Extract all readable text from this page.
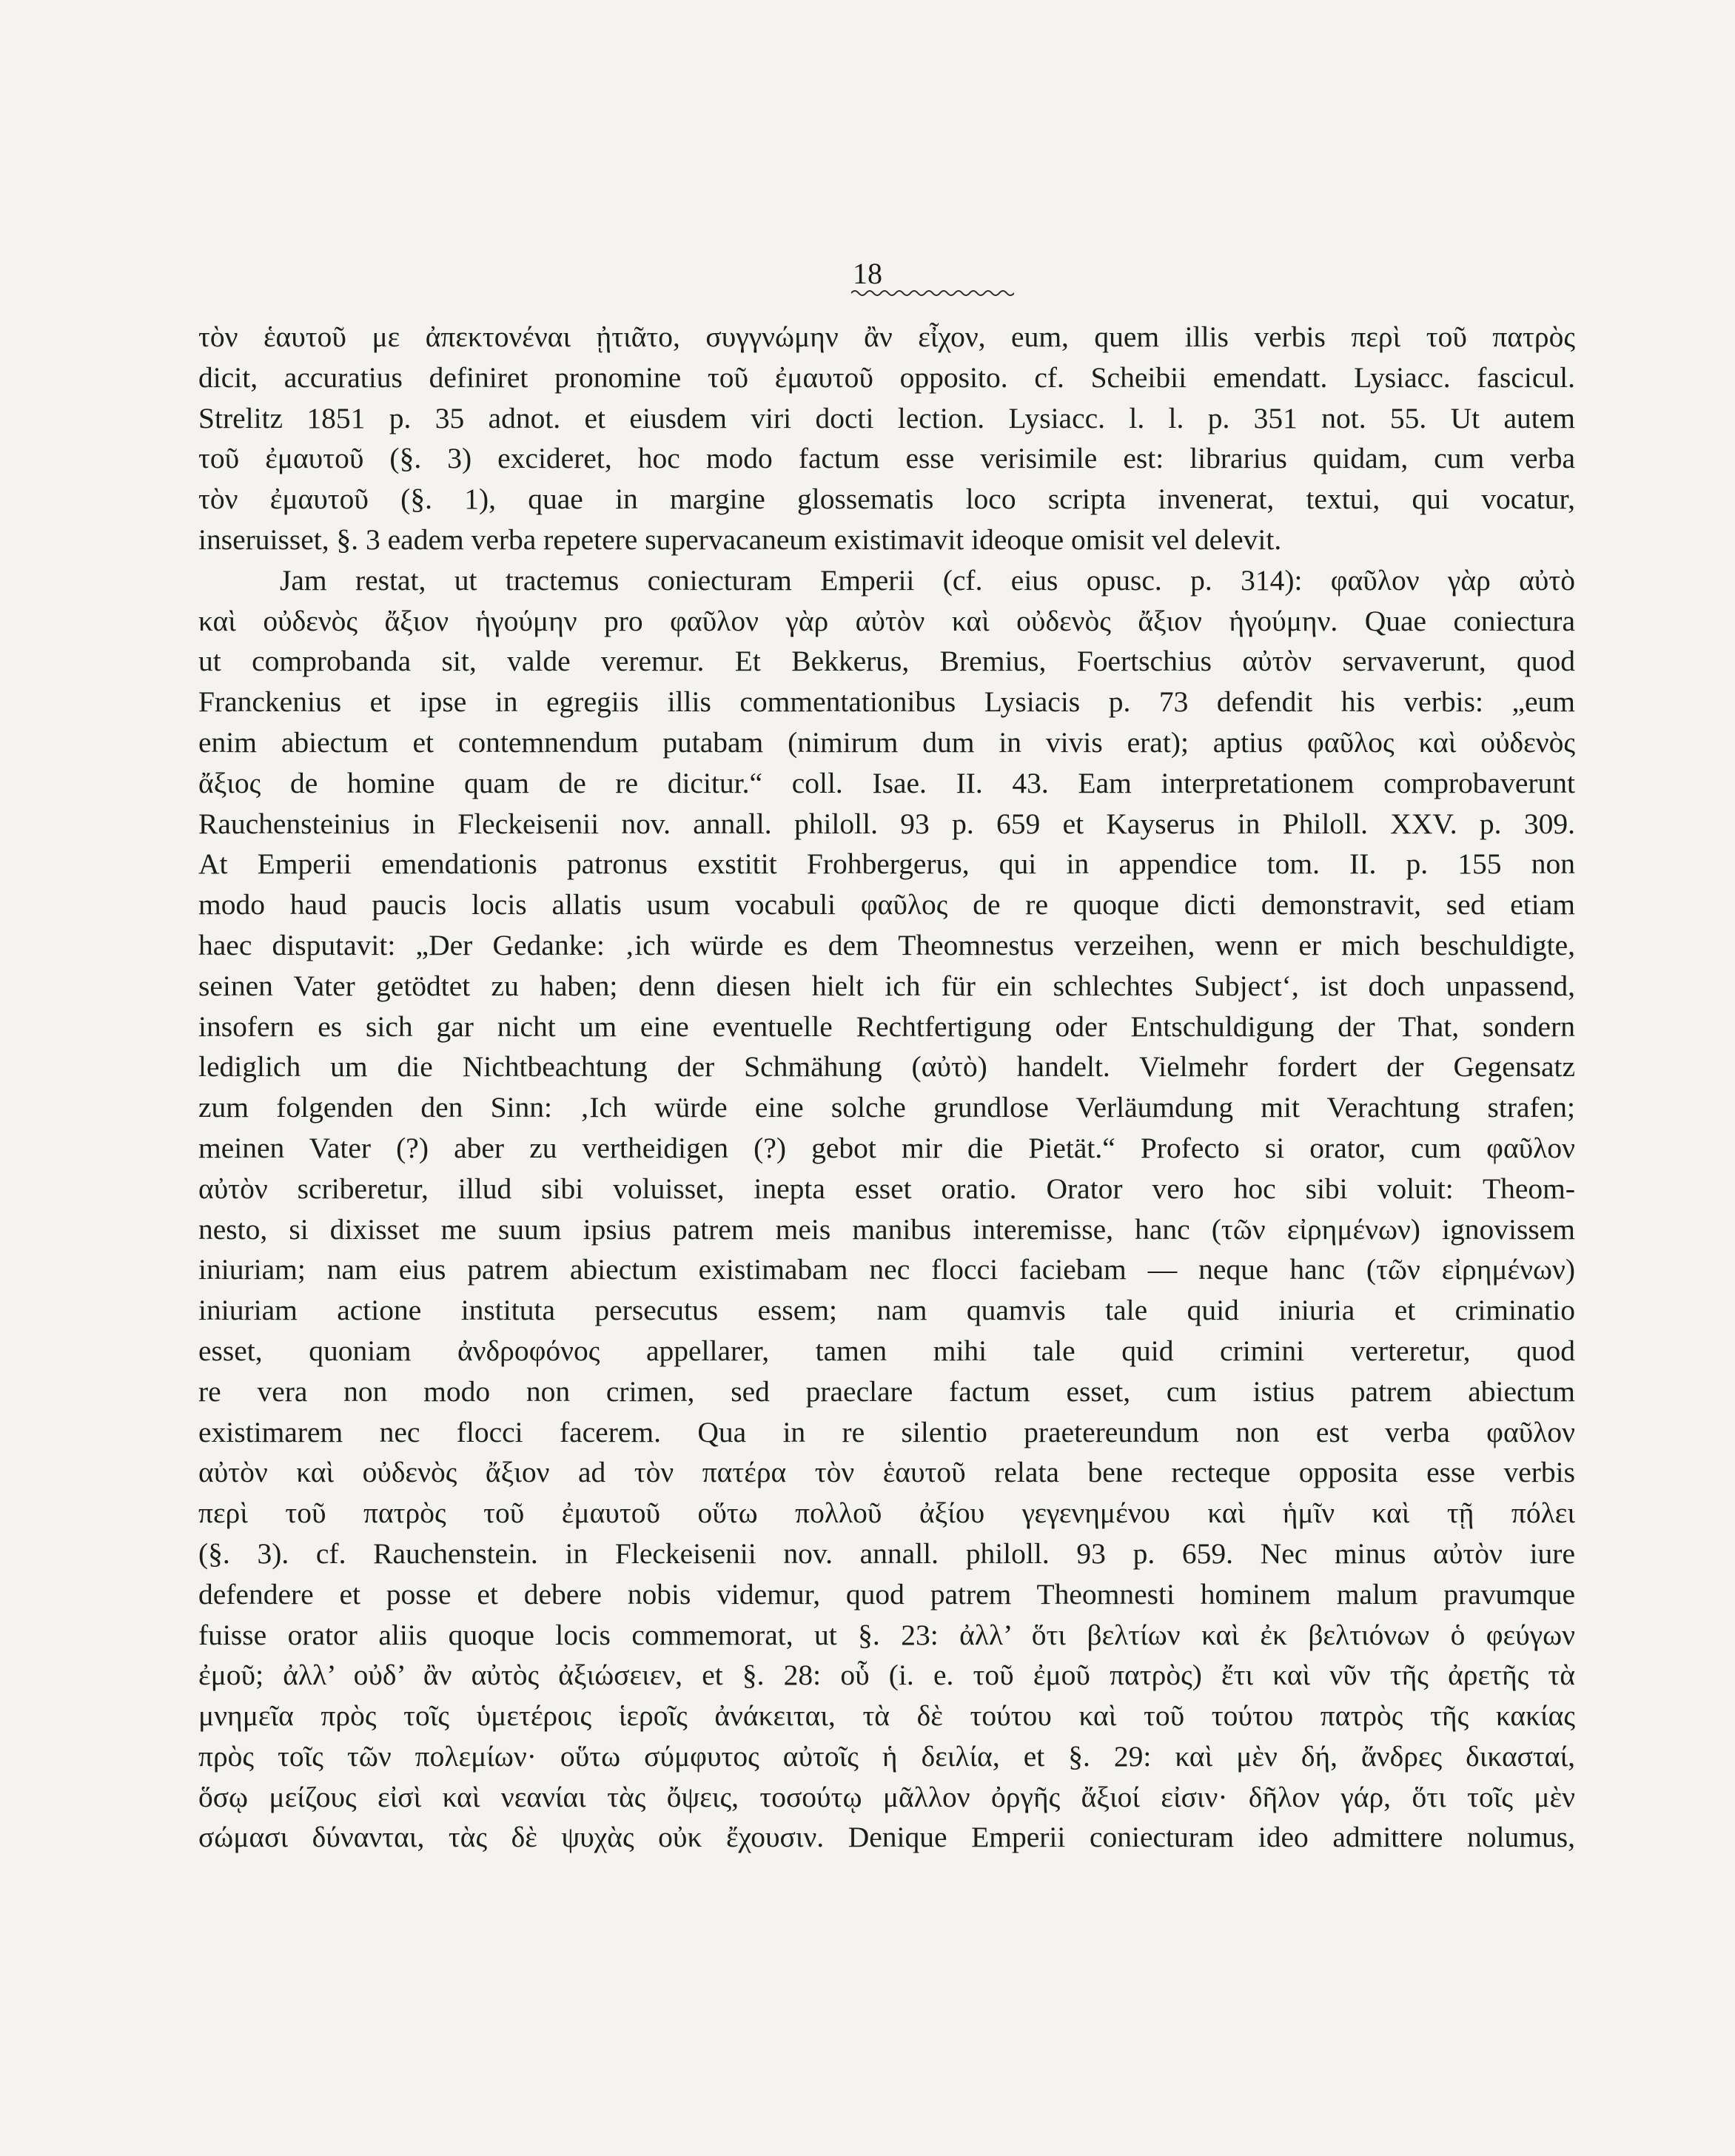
18
τὸν ἑαυτοῦ με ἀπεκτονέναι ᾐτιᾶτο, συγγνώμην ἂν εἶχον, eum, quem illis verbis περὶ τοῦ πατρὸς
dicit, accuratius definiret pronomine τοῦ ἐμαυτοῦ opposito. cf. Scheibii emendatt. Lysiacc. fascicul.
Strelitz 1851 p. 35 adnot. et eiusdem viri docti lection. Lysiacc. l. l. p. 351 not. 55. Ut autem
τοῦ ἐμαυτοῦ (§. 3) excideret, hoc modo factum esse verisimile est: librarius quidam, cum verba
τὸν ἐμαυτοῦ (§. 1), quae in margine glossematis loco scripta invenerat, textui, qui vocatur,
inseruisset, §. 3 eadem verba repetere supervacaneum existimavit ideoque omisit vel delevit.
Jam restat, ut tractemus coniecturam Emperii (cf. eius opusc. p. 314): φαῦλον γὰρ αὐτὸ
καὶ οὐδενὸς ἄξιον ἡγούμην pro φαῦλον γὰρ αὐτὸν καὶ οὐδενὸς ἄξιον ἡγούμην. Quae coniectura
ut comprobanda sit, valde veremur. Et Bekkerus, Bremius, Foertschius αὐτὸν servaverunt, quod
Franckenius et ipse in egregiis illis commentationibus Lysiacis p. 73 defendit his verbis: „eum
enim abiectum et contemnendum putabam (nimirum dum in vivis erat); aptius φαῦλος καὶ οὐδενὸς
ἄξιος de homine quam de re dicitur.“ coll. Isae. II. 43. Eam interpretationem comprobaverunt
Rauchensteinius in Fleckeisenii nov. annall. philoll. 93 p. 659 et Kayserus in Philoll. XXV. p. 309.
At Emperii emendationis patronus exstitit Frohbergerus, qui in appendice tom. II. p. 155 non
modo haud paucis locis allatis usum vocabuli φαῦλος de re quoque dicti demonstravit, sed etiam
haec disputavit: „Der Gedanke: ‚ich würde es dem Theomnestus verzeihen, wenn er mich beschuldigte,
seinen Vater getödtet zu haben; denn diesen hielt ich für ein schlechtes Subject‘, ist doch unpassend,
insofern es sich gar nicht um eine eventuelle Rechtfertigung oder Entschuldigung der That, sondern
lediglich um die Nichtbeachtung der Schmähung (αὐτὸ) handelt. Vielmehr fordert der Gegensatz
zum folgenden den Sinn: ‚Ich würde eine solche grundlose Verläumdung mit Verachtung strafen;
meinen Vater (?) aber zu vertheidigen (?) gebot mir die Pietät.“ Profecto si orator, cum φαῦλον
αὐτὸν scriberetur, illud sibi voluisset, inepta esset oratio. Orator vero hoc sibi voluit: Theom-
nesto, si dixisset me suum ipsius patrem meis manibus interemisse, hanc (τῶν εἰρημένων) ignovissem
iniuriam; nam eius patrem abiectum existimabam nec flocci faciebam — neque hanc (τῶν εἰρημένων)
iniuriam actione instituta persecutus essem; nam quamvis tale quid iniuria et criminatio
esset, quoniam ἀνδροφόνος appellarer, tamen mihi tale quid crimini verteretur, quod
re vera non modo non crimen, sed praeclare factum esset, cum istius patrem abiectum
existimarem nec flocci facerem. Qua in re silentio praetereundum non est verba φαῦλον
αὐτὸν καὶ οὐδενὸς ἄξιον ad τὸν πατέρα τὸν ἑαυτοῦ relata bene recteque opposita esse verbis
περὶ τοῦ πατρὸς τοῦ ἐμαυτοῦ οὕτω πολλοῦ ἀξίου γεγενημένου καὶ ἡμῖν καὶ τῇ πόλει
(§. 3). cf. Rauchenstein. in Fleckeisenii nov. annall. philoll. 93 p. 659. Nec minus αὐτὸν iure
defendere et posse et debere nobis videmur, quod patrem Theomnesti hominem malum pravumque
fuisse orator aliis quoque locis commemorat, ut §. 23: ἀλλ’ ὅτι βελτίων καὶ ἐκ βελτιόνων ὁ φεύγων
ἐμοῦ; ἀλλ’ οὐδ’ ἂν αὐτὸς ἀξιώσειεν, et §. 28: οὗ (i. e. τοῦ ἐμοῦ πατρὸς) ἔτι καὶ νῦν τῆς ἀρετῆς τὰ
μνημεῖα πρὸς τοῖς ὑμετέροις ἱεροῖς ἀνάκειται, τὰ δὲ τούτου καὶ τοῦ τούτου πατρὸς τῆς κακίας
πρὸς τοῖς τῶν πολεμίων· οὕτω σύμφυτος αὐτοῖς ἡ δειλία, et §. 29: καὶ μὲν δή, ἄνδρες δικασταί,
ὅσῳ μείζους εἰσὶ καὶ νεανίαι τὰς ὄψεις, τοσούτῳ μᾶλλον ὀργῆς ἄξιοί εἰσιν· δῆλον γάρ, ὅτι τοῖς μὲν
σώμασι δύνανται, τὰς δὲ ψυχὰς οὐκ ἔχουσιν. Denique Emperii coniecturam ideo admittere nolumus,
